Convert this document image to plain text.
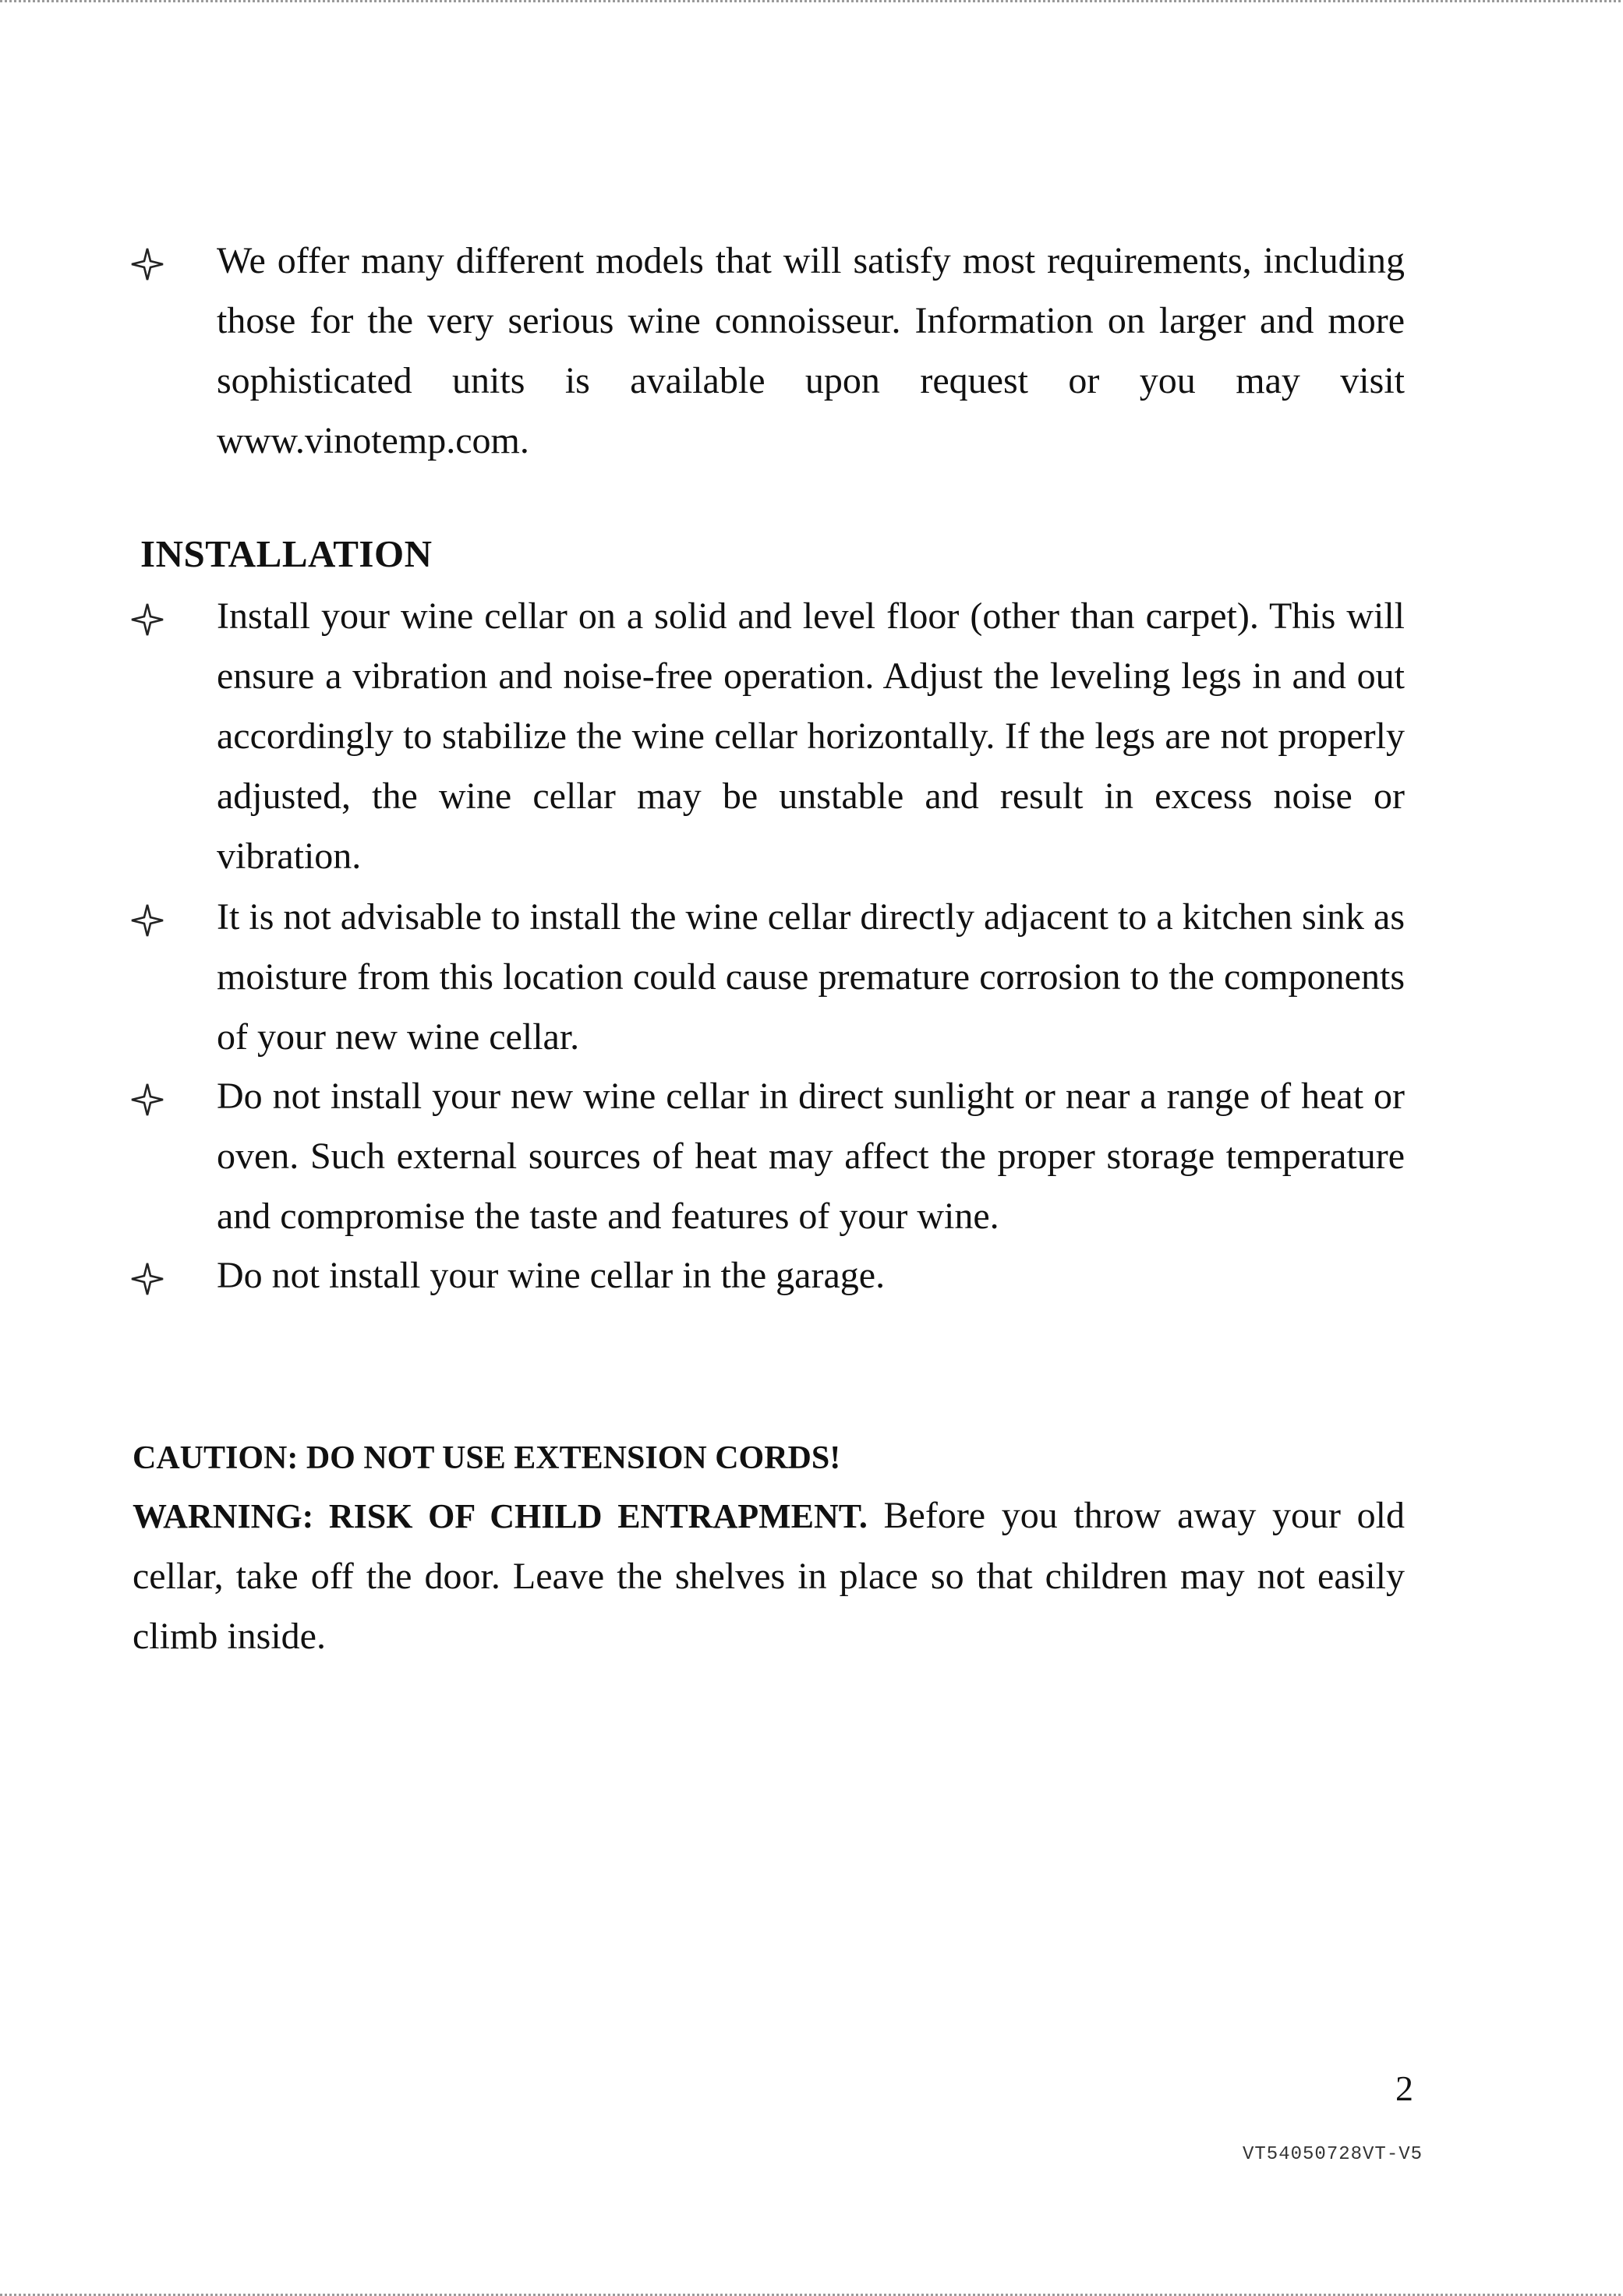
We offer many different models that will satisfy most requirements, including those for the very serious wine connoisseur. Information on larger and more sophisticated units is available upon request or you may visit www.vinotemp.com.
INSTALLATION
Install your wine cellar on a solid and level floor (other than carpet). This will ensure a vibration and noise-free operation. Adjust the leveling legs in and out accordingly to stabilize the wine cellar horizontally. If the legs are not properly adjusted, the wine cellar may be unstable and result in excess noise or vibration.
It is not advisable to install the wine cellar directly adjacent to a kitchen sink as moisture from this location could cause premature corrosion to the components of your new wine cellar.
Do not install your new wine cellar in direct sunlight or near a range of heat or oven. Such external sources of heat may affect the proper storage temperature and compromise the taste and features of your wine.
Do not install your wine cellar in the garage.
CAUTION: DO NOT USE EXTENSION CORDS!
WARNING: RISK OF CHILD ENTRAPMENT. Before you throw away your old cellar, take off the door. Leave the shelves in place so that children may not easily climb inside.
2
VT54050728VT-V5
